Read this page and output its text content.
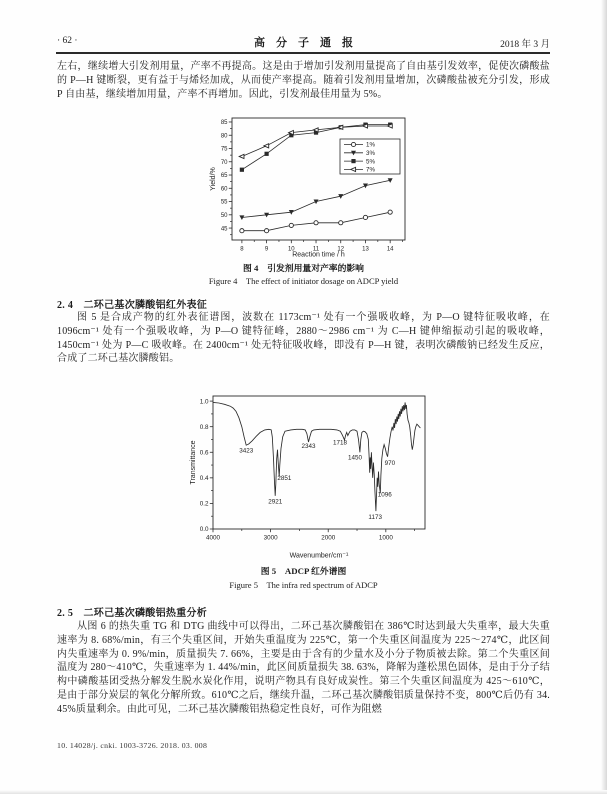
· 62 ·	高　分　子　通　报	2018 年 3 月
左右，继续增大引发剂用量，产率不再提高。这是由于增加引发剂用量提高了自由基引发效率，促使次磷酸盐的 P—H 键断裂，更有益于与烯烃加成，从而使产率提高。随着引发剂用量增加，次磷酸盐被充分引发，形成 P 自由基，继续增加用量，产率不再增加。因此，引发剂最佳用量为 5%。
8	9	10	11	12	13	14
45
50
55
60
65
70
75
80
85
Reaction time / h
Yield/%
1%
3%
5%
7%
图 4　引发剂用量对产率的影响
Figure 4　The effect of initiator dosage on ADCP yield
2. 4　二环己基次膦酸铝红外表征
图 5 是合成产物的红外表征谱图，波数在 1173cm⁻¹ 处有一个强吸收峰，为 P—O 键特征吸收峰，在 1096cm⁻¹ 处有一个强吸收峰，为 P—O 键特征峰，2880～2986 cm⁻¹ 为 C—H 键伸缩振动引起的吸收峰，1450cm⁻¹ 处为 P—C 吸收峰。在 2400cm⁻¹ 处无特征吸收峰，即没有 P—H 键，表明次磷酸钠已经发生反应，合成了二环己基次膦酸铝。
4000	3000	2000	1000
0.0
0.2
0.4
0.6
0.8
1.0
Wavenumber/cm⁻¹
Transmittance	3423
2921
2851
2343	1718
1450
970
1096
1173
图 5　ADCP 红外谱图
Figure 5　The infra red spectrum of ADCP
2. 5　二环己基次磷酸铝热重分析
从图 6 的热失重 TG 和 DTG 曲线中可以得出，二环己基次膦酸铝在 386℃时达到最大失重率，最大失重速率为 8. 68%/min，有三个失重区间，开始失重温度为 225℃，第一个失重区间温度为 225～274℃，此区间内失重速率为 0. 9%/min，质量损失 7. 66%，主要是由于含有的少量水及小分子物质被去除。第二个失重区间温度为 280～410℃，失重速率为 1. 44%/min，此区间质量损失 38. 63%，降解为蓬松黑色固体，是由于分子结构中磷酸基团受热分解发生脱水炭化作用，说明产物具有良好成炭性。第三个失重区间温度为 425～610℃，是由于部分炭层的氧化分解所致。610℃之后，继续升温，二环己基次膦酸铝质量保持不变，800℃后仍有 34. 45%质量剩余。由此可见，二环己基次膦酸铝热稳定性良好，可作为阻燃
10. 14028/j. cnki. 1003-3726. 2018. 03. 008
